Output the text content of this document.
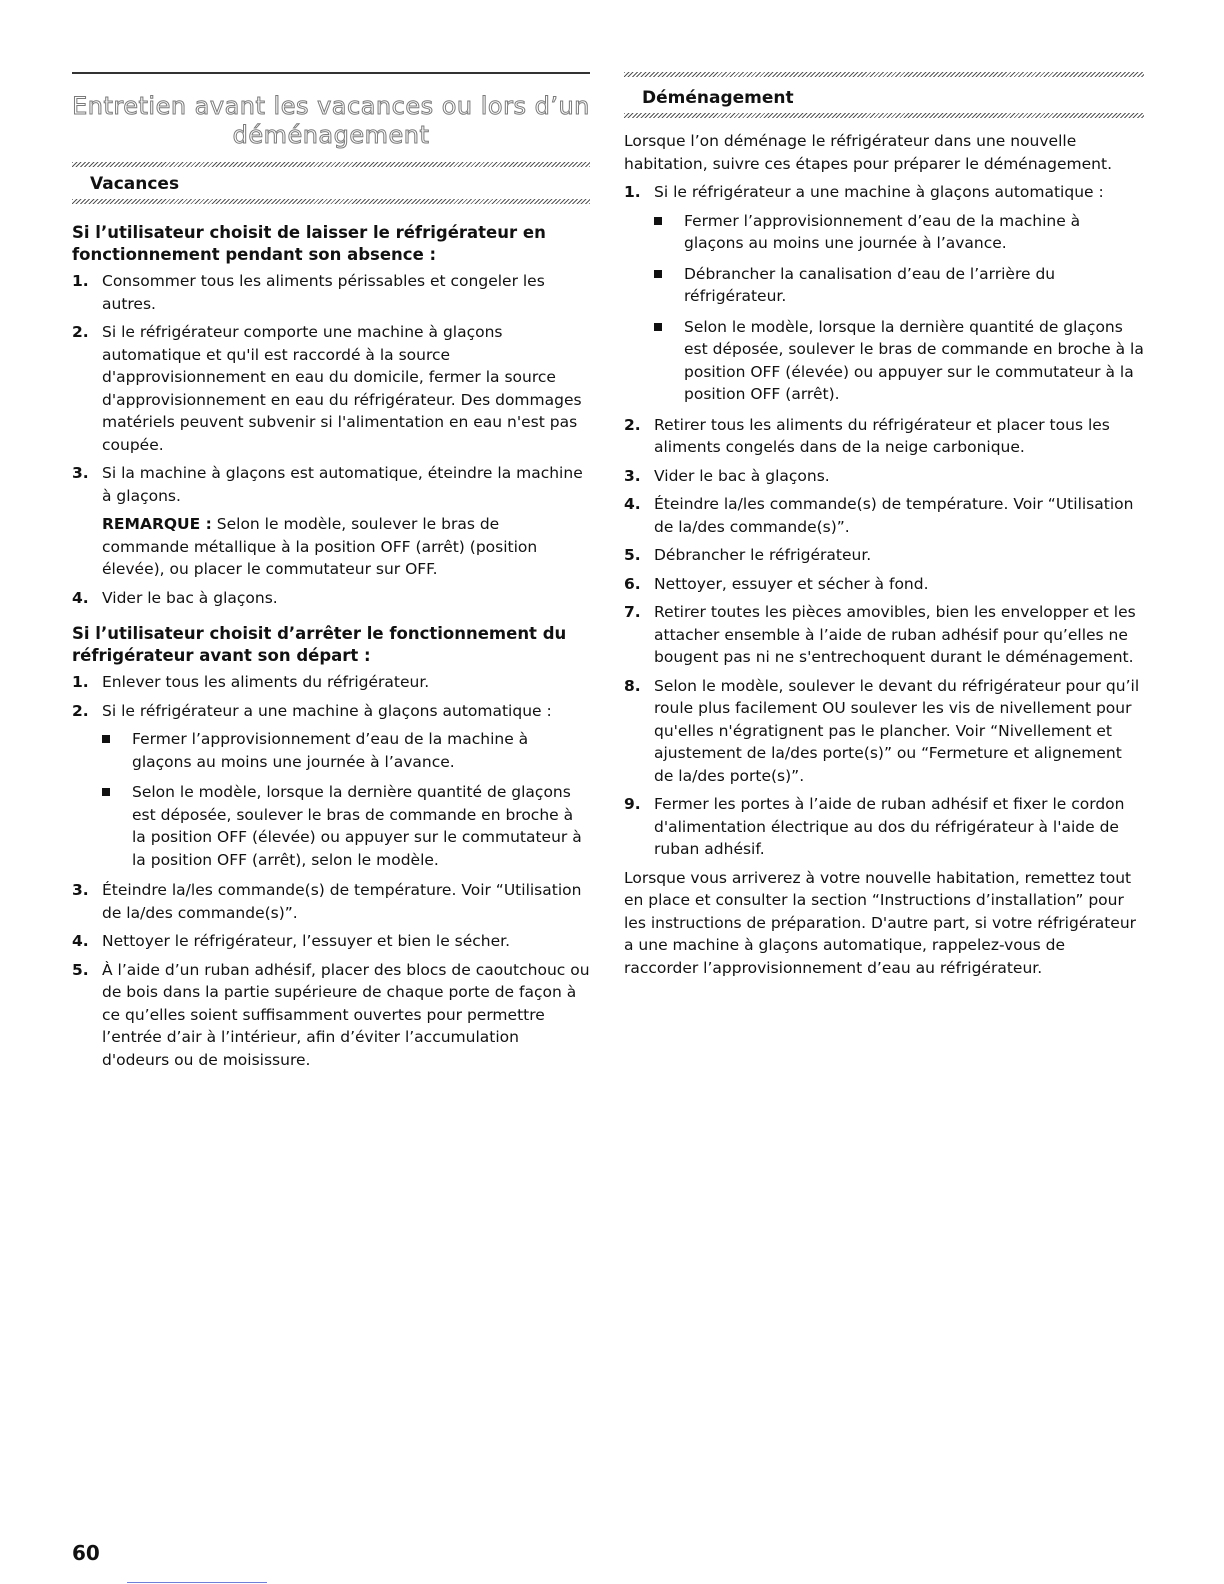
Entretien avant les vacances ou lors d’un déménagement
Vacances
Si l’utilisateur choisit de laisser le réfrigérateur en fonctionnement pendant son absence :
1. Consommer tous les aliments périssables et congeler les autres.
2. Si le réfrigérateur comporte une machine à glaçons automatique et qu'il est raccordé à la source d'approvisionnement en eau du domicile, fermer la source d'approvisionnement en eau du réfrigérateur. Des dommages matériels peuvent subvenir si l'alimentation en eau n'est pas coupée.
3. Si la machine à glaçons est automatique, éteindre la machine à glaçons.
REMARQUE : Selon le modèle, soulever le bras de commande métallique à la position OFF (arrêt) (position élevée), ou placer le commutateur sur OFF.
4. Vider le bac à glaçons.
Si l’utilisateur choisit d’arrêter le fonctionnement du réfrigérateur avant son départ :
1. Enlever tous les aliments du réfrigérateur.
2. Si le réfrigérateur a une machine à glaçons automatique :
Fermer l’approvisionnement d’eau de la machine à glaçons au moins une journée à l’avance.
Selon le modèle, lorsque la dernière quantité de glaçons est déposée, soulever le bras de commande en broche à la position OFF (élevée) ou appuyer sur le commutateur à la position OFF (arrêt), selon le modèle.
3. Éteindre la/les commande(s) de température. Voir “Utilisation de la/des commande(s)”.
4. Nettoyer le réfrigérateur, l’essuyer et bien le sécher.
5. À l’aide d’un ruban adhésif, placer des blocs de caoutchouc ou de bois dans la partie supérieure de chaque porte de façon à ce qu’elles soient suffisamment ouvertes pour permettre l’entrée d’air à l’intérieur, afin d’éviter l’accumulation d'odeurs ou de moisissure.
Déménagement

Lorsque l’on déménage le réfrigérateur dans une nouvelle habitation, suivre ces étapes pour préparer le déménagement.

1. Si le réfrigérateur a une machine à glaçons automatique :
Fermer l’approvisionnement d’eau de la machine à glaçons au moins une journée à l’avance.
Débrancher la canalisation d’eau de l’arrière du réfrigérateur.
Selon le modèle, lorsque la dernière quantité de glaçons est déposée, soulever le bras de commande en broche à la position OFF (élevée) ou appuyer sur le commutateur à la position OFF (arrêt).
2. Retirer tous les aliments du réfrigérateur et placer tous les aliments congelés dans de la neige carbonique.
3. Vider le bac à glaçons.
4. Éteindre la/les commande(s) de température. Voir “Utilisation de la/des commande(s)”.
5. Débrancher le réfrigérateur.
6. Nettoyer, essuyer et sécher à fond.
7. Retirer toutes les pièces amovibles, bien les envelopper et les attacher ensemble à l’aide de ruban adhésif pour qu’elles ne bougent pas ni ne s'entrechoquent durant le déménagement.
8. Selon le modèle, soulever le devant du réfrigérateur pour qu’il roule plus facilement OU soulever les vis de nivellement pour qu'elles n'égratignent pas le plancher. Voir “Nivellement et ajustement de la/des porte(s)” ou “Fermeture et alignement de la/des porte(s)”.
9. Fermer les portes à l’aide de ruban adhésif et fixer le cordon d'alimentation électrique au dos du réfrigérateur à l'aide de ruban adhésif.

Lorsque vous arriverez à votre nouvelle habitation, remettez tout en place et consulter la section “Instructions d’installation” pour les instructions de préparation. D'autre part, si votre réfrigérateur a une machine à glaçons automatique, rappelez-vous de raccorder l’approvisionnement d’eau au réfrigérateur.

60
